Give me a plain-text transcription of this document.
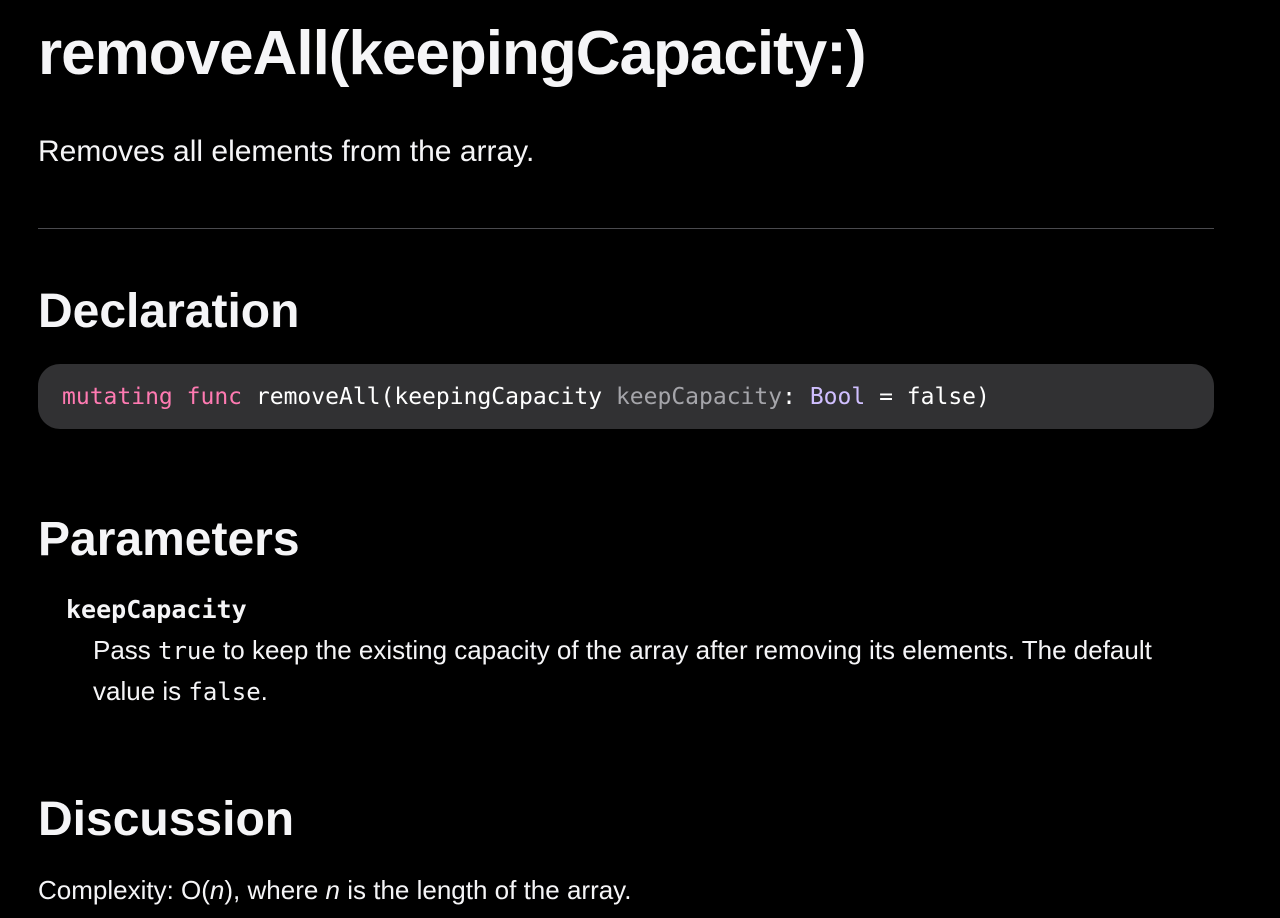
removeAll(keepingCapacity:)

Removes all elements from the array.

Declaration
mutating
func
removeAll(keepingCapacity
keepCapacity :
Bool
= false)
Parameters

keepCapacity

Pass true to keep the existing capacity of the array after removing its elements. The default value is false.

Discussion

Complexity: O(n), where n is the length of the array.
